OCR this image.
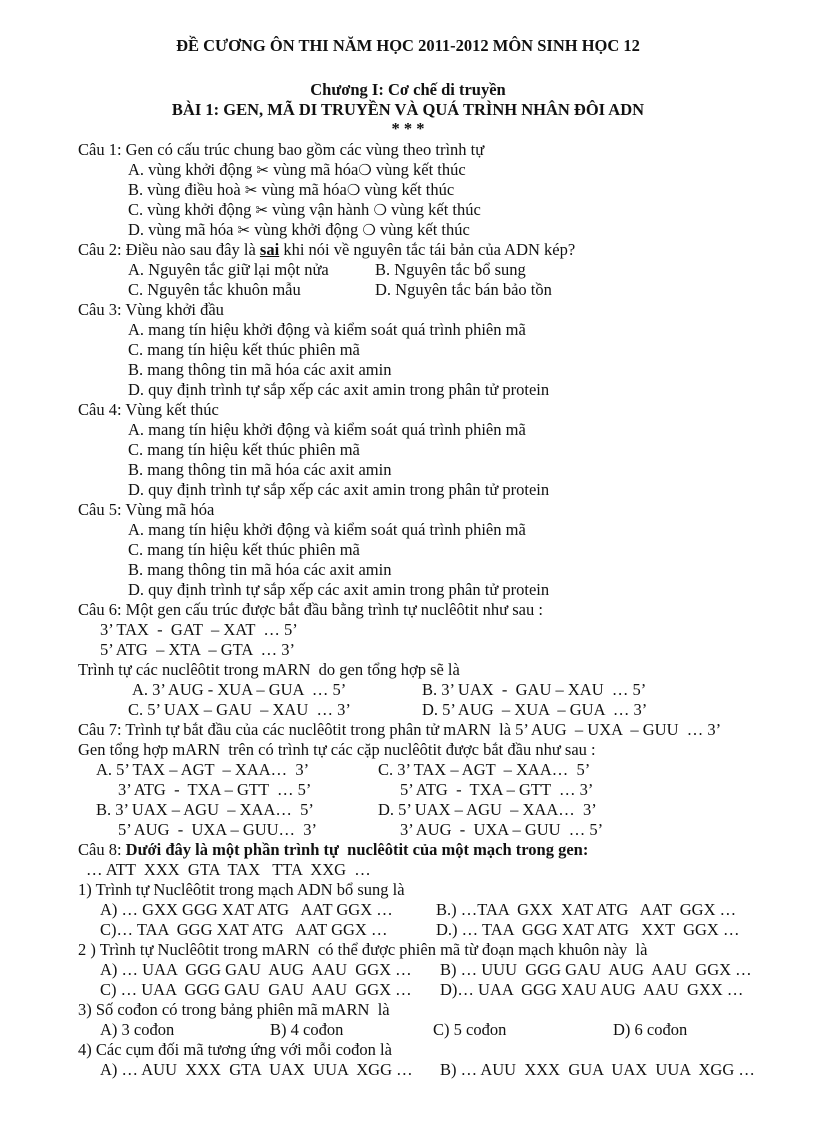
ĐỀ CƯƠNG ÔN THI NĂM HỌC 2011-2012 MÔN SINH HỌC 12
Chương I: Cơ chế di truyền
BÀI 1: GEN, MÃ DI TRUYỀN VÀ QUÁ TRÌNH NHÂN ĐÔI ADN
* * *
Câu 1: Gen có cấu trúc chung bao gồm các vùng theo trình tự
A. vùng khởi động ✂ vùng mã hóa❍ vùng kết thúc
B. vùng điều hoà ✂ vùng mã hóa❍ vùng kết thúc
C. vùng khởi động ✂ vùng vận hành ❍ vùng kết thúc
D. vùng mã hóa ✂ vùng khởi động ❍ vùng kết thúc
Câu 2: Điều nào sau đây là sai khi nói về nguyên tắc tái bản của ADN kép?
A. Nguyên tắc giữ lại một nửa	B. Nguyên tắc bổ sung
C. Nguyên tắc khuôn mẫu	D. Nguyên tắc bán bảo tồn
Câu 3: Vùng khởi đầu
A. mang tín hiệu khởi động và kiểm soát quá trình phiên mã
C. mang tín hiệu kết thúc phiên mã
B. mang thông tin mã hóa các axit amin
D. quy định trình tự sắp xếp các axit amin trong phân tử protein
Câu 4: Vùng kết thúc
A. mang tín hiệu khởi động và kiểm soát quá trình phiên mã
C. mang tín hiệu kết thúc phiên mã
B. mang thông tin mã hóa các axit amin
D. quy định trình tự sắp xếp các axit amin trong phân tử protein
Câu 5: Vùng mã hóa
A. mang tín hiệu khởi động và kiểm soát quá trình phiên mã
C. mang tín hiệu kết thúc phiên mã
B. mang thông tin mã hóa các axit amin
D. quy định trình tự sắp xếp các axit amin trong phân tử protein
Câu 6: Một gen cấu trúc được bắt đầu bằng trình tự nuclêôtit như sau :
3’ TAX  -  GAT  – XAT  … 5’
5’ ATG  – XTA  – GTA  … 3’
Trình tự các nuclêôtit trong mARN  do gen tổng hợp sẽ là
A. 3’ AUG - XUA – GUA  … 5’	B. 3’ UAX  -  GAU – XAU  … 5’
C. 5’ UAX – GAU  – XAU  … 3’	D. 5’ AUG  – XUA  – GUA  … 3’
Câu 7: Trình tự bắt đầu của các nuclêôtit trong phân tử mARN  là 5’ AUG  – UXA  – GUU  … 3’
Gen tổng hợp mARN  trên có trình tự các cặp nuclêôtit được bắt đầu như sau :
A. 5’ TAX – AGT  – XAA…  3’	C. 3’ TAX – AGT  – XAA…  5’
3’ ATG  -  TXA – GTT  … 5’	5’ ATG  -  TXA – GTT  … 3’
B. 3’ UAX – AGU  – XAA…  5’	D. 5’ UAX – AGU  – XAA…  3’
5’ AUG  -  UXA – GUU…  3’	3’ AUG  -  UXA – GUU  … 5’
Câu 8: Dưới đây là một phần trình tự  nuclêôtit của một mạch trong gen:
… ATT  XXX  GTA  TAX   TTA  XXG  …
1) Trình tự Nuclêôtit trong mạch ADN bổ sung là
A) … GXX GGG XAT ATG   AAT GGX …	B.) …TAA  GXX  XAT ATG   AAT  GGX …
C)… TAA  GGG XAT ATG   AAT GGX …	D.) … TAA  GGG XAT ATG   XXT  GGX …
2 ) Trình tự Nuclêôtit trong mARN  có thể được phiên mã từ đoạn mạch khuôn này  là
A) … UAA  GGG GAU  AUG  AAU  GGX … B) … UUU  GGG GAU  AUG  AAU  GGX …
C) … UAA  GGG GAU  GAU  AAU  GGX … D)… UAA  GGG XAU AUG  AAU  GXX …
3) Số cođon có trong bảng phiên mã mARN  là
A) 3 cođon	B) 4 cođon	C) 5 cođon	D) 6 cođon
4) Các cụm đối mã tương ứng với mỗi cođon là
A) … AUU  XXX  GTA  UAX  UUA  XGG … B) … AUU  XXX  GUA  UAX  UUA  XGG …
